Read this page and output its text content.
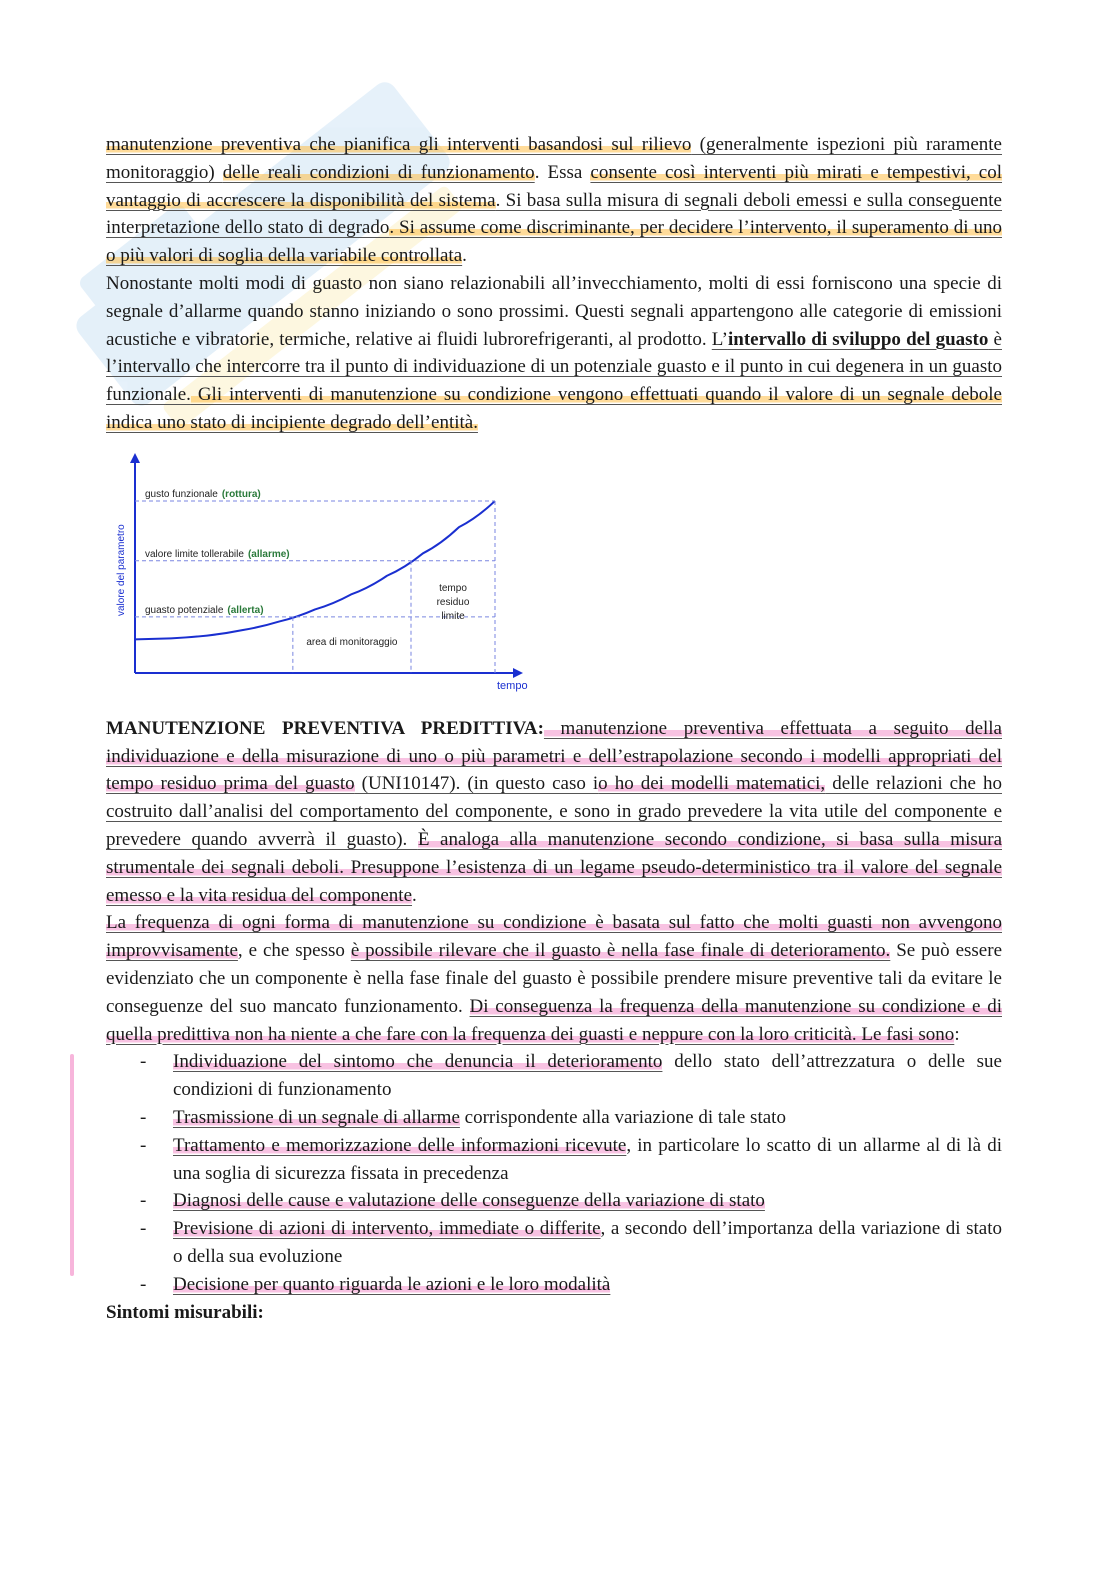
manutenzione preventiva che pianifica gli interventi basandosi sul rilievo (generalmente ispezioni più raramente monitoraggio) delle reali condizioni di funzionamento. Essa consente così interventi più mirati e tempestivi, col vantaggio di accrescere la disponibilità del sistema. Si basa sulla misura di segnali deboli emessi e sulla conseguente interpretazione dello stato di degrado. Si assume come discriminante, per decidere l’intervento, il superamento di uno o più valori di soglia della variabile controllata.

Nonostante molti modi di guasto non siano relazionabili all’invecchiamento, molti di essi forniscono una specie di segnale d’allarme quando stanno iniziando o sono prossimi. Questi segnali appartengono alle categorie di emissioni acustiche e vibratorie, termiche, relative ai fluidi lubrorefrigeranti, al prodotto. L’intervallo di sviluppo del guasto è l’intervallo che intercorre tra il punto di individuazione di un potenziale guasto e il punto in cui degenera in un guasto funzionale. Gli interventi di manutenzione su condizione vengono effettuati quando il valore di un segnale debole indica uno stato di incipiente degrado dell’entità.

tempo
valore del parametro
gusto funzionale (rottura)
valore limite tollerabile (allarme)
guasto potenziale (allerta)
area di monitoraggio
tempo
residuo
limite

MANUTENZIONE PREVENTIVA PREDITTIVA: manutenzione preventiva effettuata a seguito della individuazione e della misurazione di uno o più parametri e dell’estrapolazione secondo i modelli appropriati del tempo residuo prima del guasto (UNI10147). (in questo caso io ho dei modelli matematici, delle relazioni che ho costruito dall’analisi del comportamento del componente, e sono in grado prevedere la vita utile del componente e prevedere quando avverrà il guasto). È analoga alla manutenzione secondo condizione, si basa sulla misura strumentale dei segnali deboli. Presuppone l’esistenza di un legame pseudo-deterministico tra il valore del segnale emesso e la vita residua del componente.

La frequenza di ogni forma di manutenzione su condizione è basata sul fatto che molti guasti non avvengono improvvisamente, e che spesso è possibile rilevare che il guasto è nella fase finale di deterioramento. Se può essere evidenziato che un componente è nella fase finale del guasto è possibile prendere misure preventive tali da evitare le conseguenze del suo mancato funzionamento. Di conseguenza la frequenza della manutenzione su condizione e di quella predittiva non ha niente a che fare con la frequenza dei guasti e neppure con la loro criticità. Le fasi sono:

- Individuazione del sintomo che denuncia il deterioramento dello stato dell’attrezzatura o delle sue condizioni di funzionamento
- Trasmissione di un segnale di allarme corrispondente alla variazione di tale stato
- Trattamento e memorizzazione delle informazioni ricevute, in particolare lo scatto di un allarme al di là di una soglia di sicurezza fissata in precedenza
- Diagnosi delle cause e valutazione delle conseguenze della variazione di stato
- Previsione di azioni di intervento, immediate o differite, a secondo dell’importanza della variazione di stato o della sua evoluzione
- Decisione per quanto riguarda le azioni e le loro modalità
Sintomi misurabili:
